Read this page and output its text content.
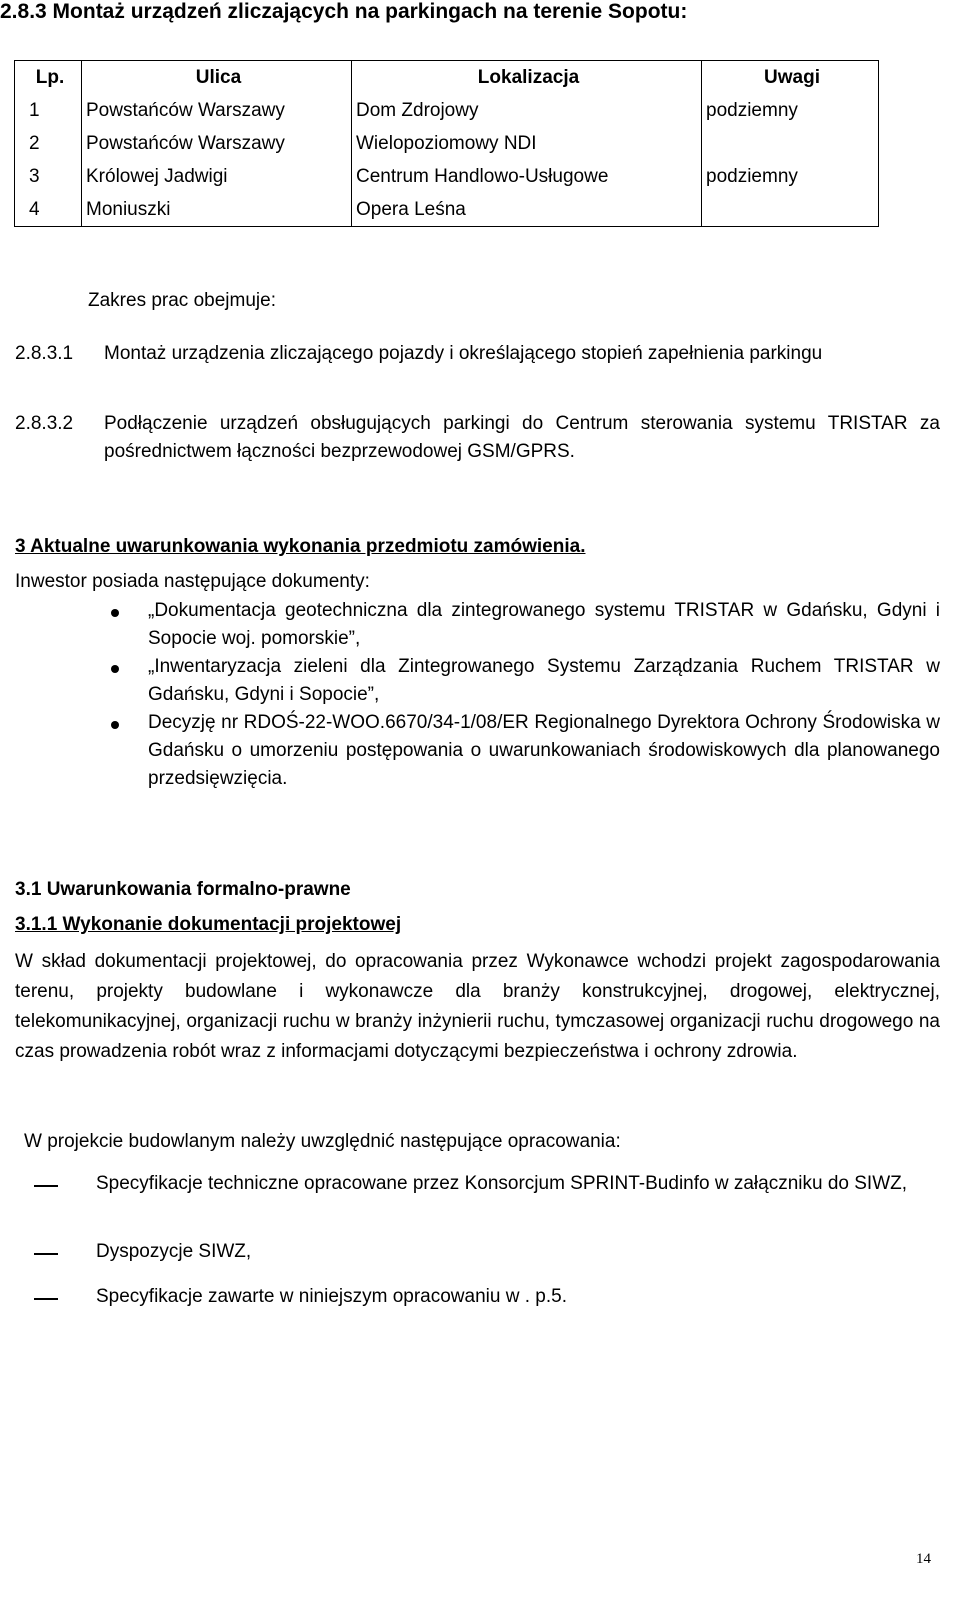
2.8.3 Montaż urządzeń zliczających na parkingach na terenie Sopotu:
Lp.	Ulica	Lokalizacja	Uwagi
1	Powstańców Warszawy	Dom Zdrojowy	podziemny
2	Powstańców Warszawy	Wielopoziomowy NDI	
3	Królowej Jadwigi	Centrum Handlowo-Usługowe	podziemny
4	Moniuszki	Opera Leśna	
Zakres prac obejmuje:
2.8.3.1 Montaż urządzenia zliczającego pojazdy i określającego stopień zapełnienia parkingu
2.8.3.2 Podłączenie urządzeń obsługujących parkingi do Centrum sterowania systemu TRISTAR za pośrednictwem łączności bezprzewodowej GSM/GPRS.
3 Aktualne uwarunkowania wykonania przedmiotu zamówienia.
Inwestor posiada następujące dokumenty:
„Dokumentacja geotechniczna dla zintegrowanego systemu TRISTAR w Gdańsku, Gdyni i Sopocie woj. pomorskie”,
„Inwentaryzacja zieleni dla Zintegrowanego Systemu Zarządzania Ruchem TRISTAR w Gdańsku, Gdyni i Sopocie”,
Decyzję nr RDOŚ-22-WOO.6670/34-1/08/ER Regionalnego Dyrektora Ochrony Środowiska w Gdańsku o umorzeniu postępowania o uwarunkowaniach środowiskowych dla planowanego przedsięwzięcia.
3.1 Uwarunkowania formalno-prawne
3.1.1 Wykonanie dokumentacji projektowej
W skład dokumentacji projektowej, do opracowania przez Wykonawce wchodzi projekt zagospodarowania terenu, projekty budowlane i wykonawcze dla branży konstrukcyjnej, drogowej, elektrycznej, telekomunikacyjnej, organizacji ruchu w branży inżynierii ruchu, tymczasowej organizacji ruchu drogowego na czas prowadzenia robót wraz z informacjami dotyczącymi bezpieczeństwa i ochrony zdrowia.
W projekcie budowlanym należy uwzględnić następujące opracowania:
Specyfikacje techniczne opracowane przez Konsorcjum SPRINT-Budinfo w załączniku do SIWZ,
Dyspozycje SIWZ,
Specyfikacje zawarte w niniejszym opracowaniu w . p.5.
14
